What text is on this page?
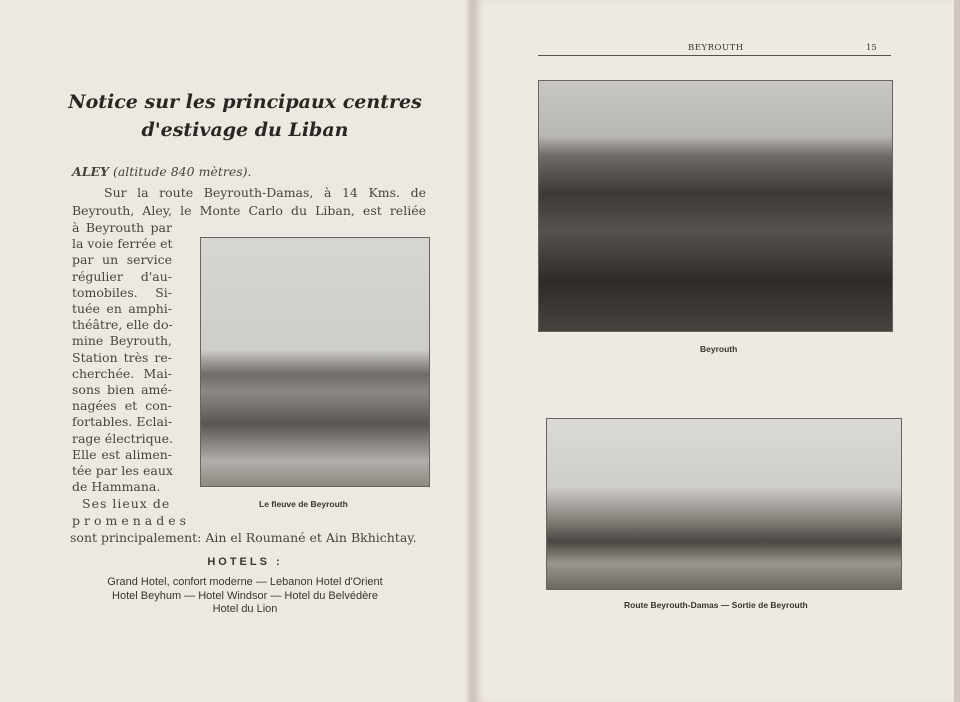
Notice sur les principaux centres
d'estivage du Liban
ALEY (altitude 840 mètres).
Sur la route Beyrouth-Damas, à 14 Kms. de
Beyrouth, Aley, le Monte Carlo du Liban, est reliée
à Beyrouth par
la voie ferrée et
par un service
régulier d'au-
tomobiles. Si-
tuée en amphi-
théâtre, elle do-
mine Beyrouth,
Station très re-
cherchée. Mai-
sons bien amé-
nagées et con-
fortables. Eclai-
rage électrique.
Elle est alimen-
tée par les eaux
de Hammana.
Ses lieux de
promenades
sont principalement: Ain el Roumané et Ain Bkhichtay.
Le fleuve de Beyrouth
HOTELS :
Grand Hotel, confort moderne — Lebanon Hotel d'Orient
Hotel Beyhum — Hotel Windsor — Hotel du Belvédère
Hotel du Lion
BEYROUTH	15
Beyrouth
Route Beyrouth-Damas — Sortie de Beyrouth
